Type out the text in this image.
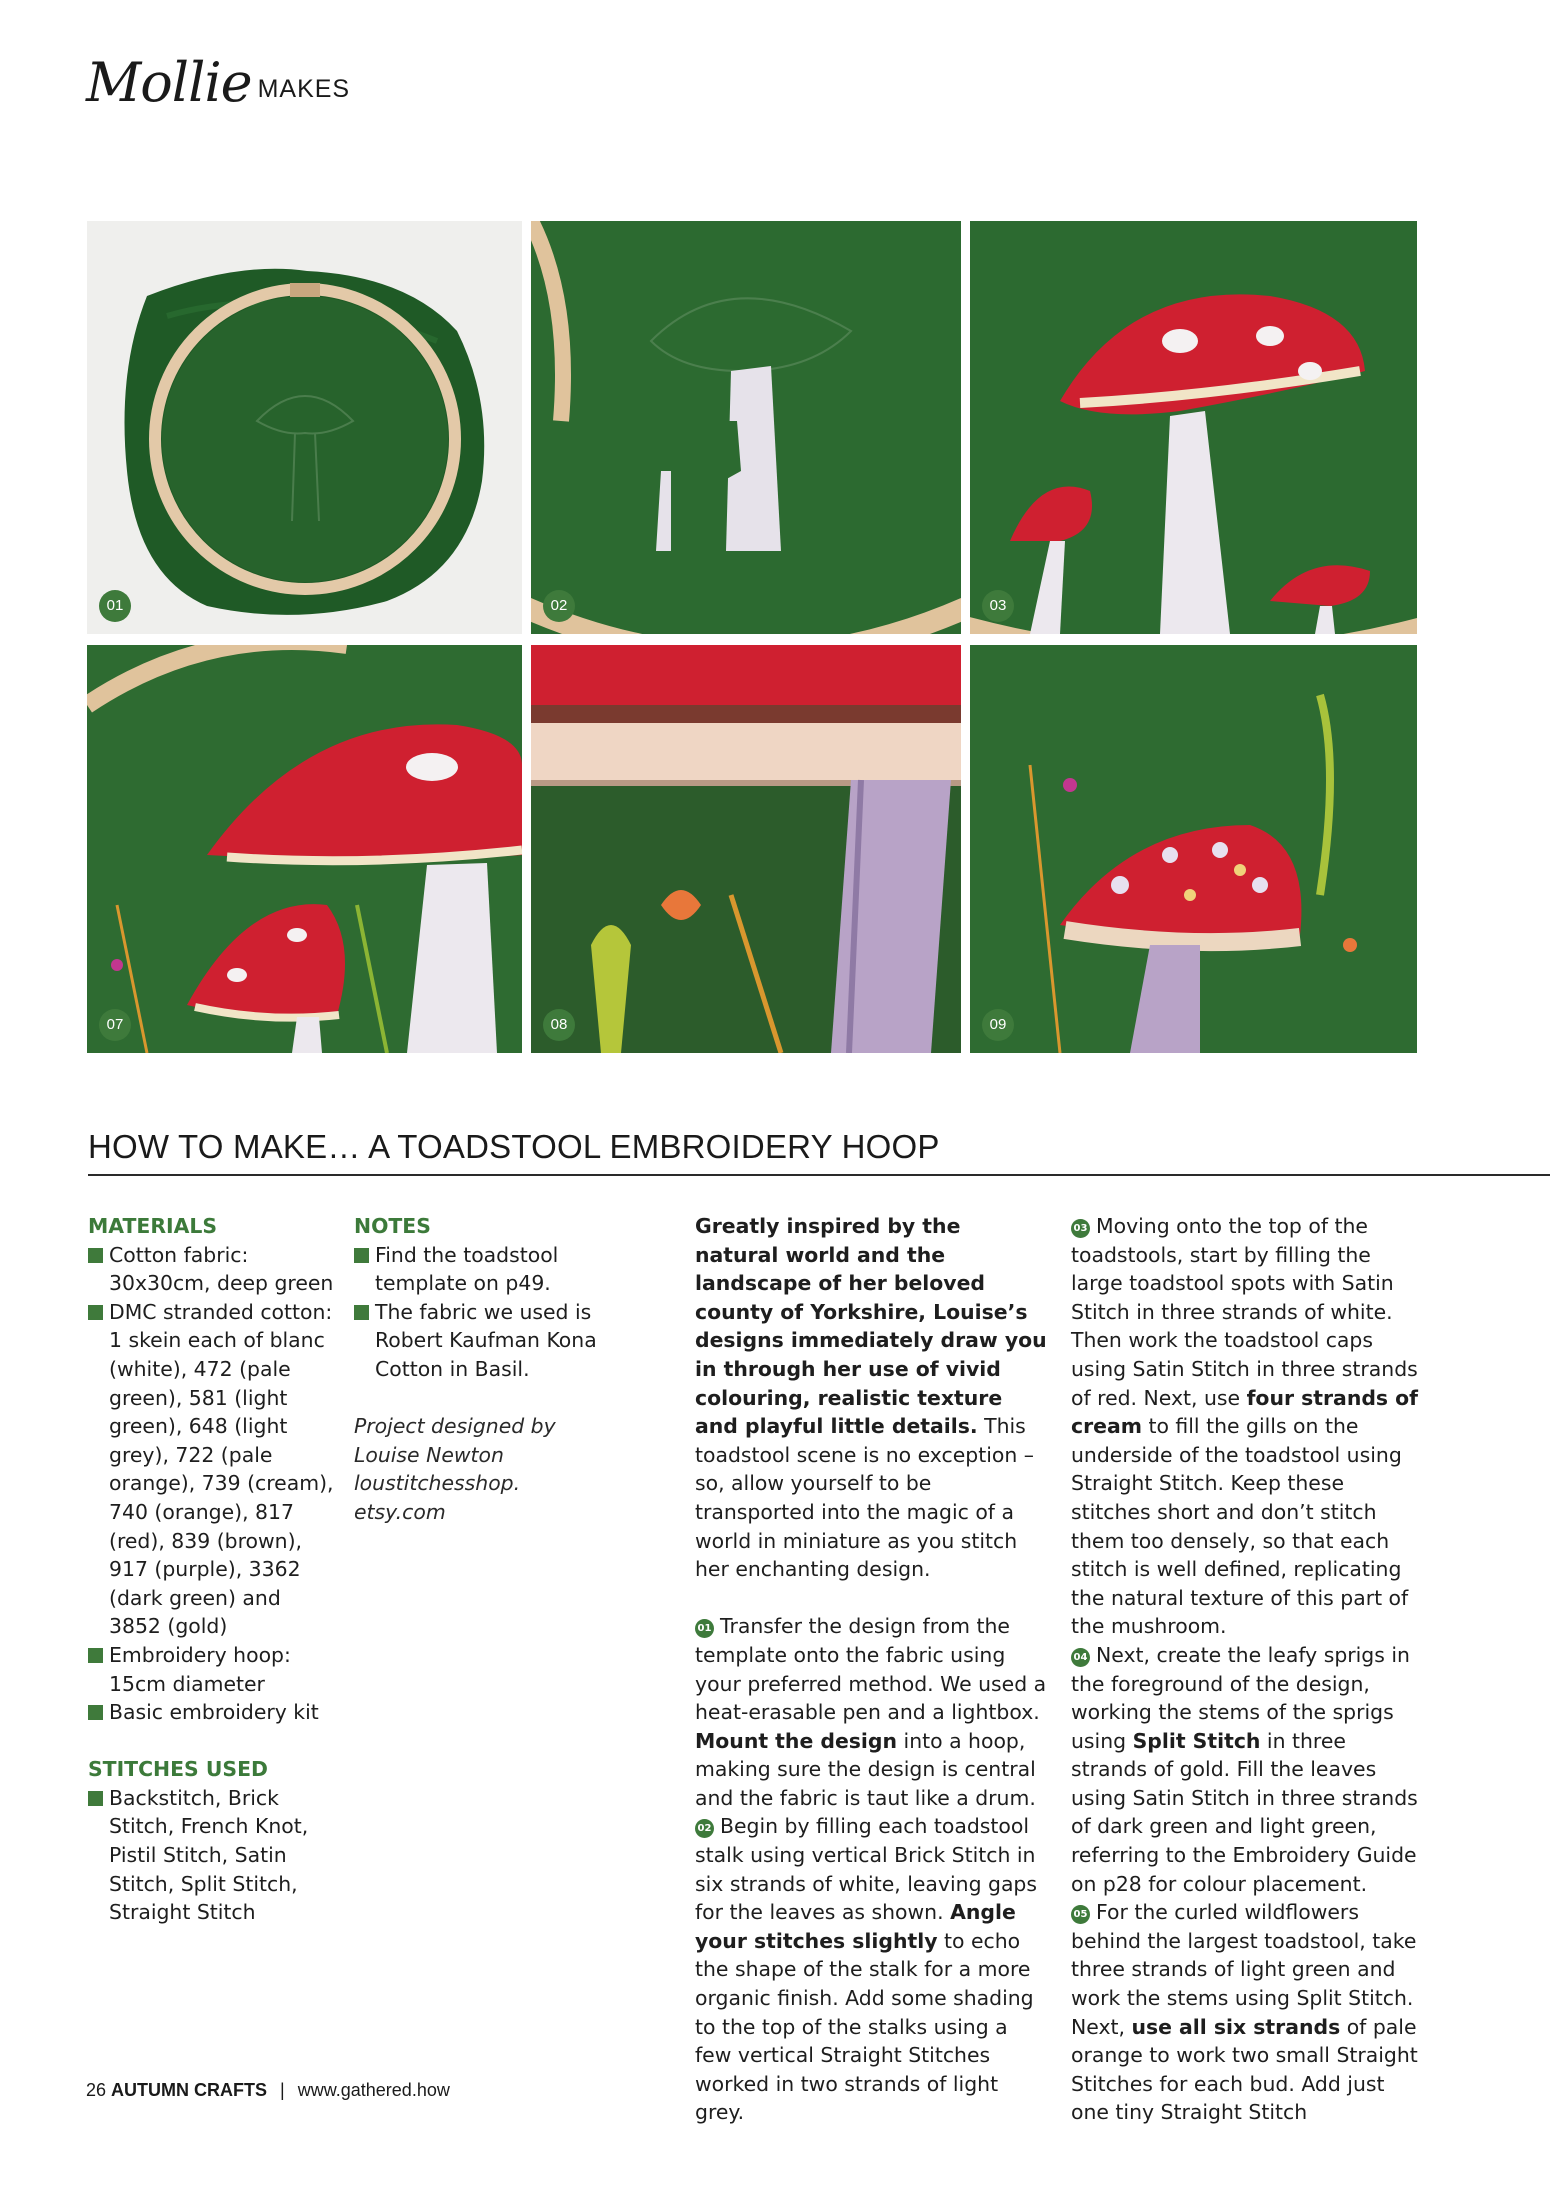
Mollie MAKES
01	02	03
07	08	09
HOW TO MAKE… A TOADSTOOL EMBROIDERY HOOP

MATERIALS

Cotton fabric: 30x30cm, deep green
DMC stranded cotton: 1 skein each of blanc (white), 472 (pale green), 581 (light green), 648 (light grey), 722 (pale orange), 739 (cream), 740 (orange), 817 (red), 839 (brown), 917 (purple), 3362 (dark green) and 3852 (gold)
Embroidery hoop: 15cm diameter
Basic embroidery kit

STITCHES USED

Backstitch, Brick Stitch, French Knot, Pistil Stitch, Satin Stitch, Split Stitch, Straight Stitch

NOTES

Find the toadstool template on p49.
The fabric we used is Robert Kaufman Kona Cotton in Basil.

Project designed by Louise Newton loustitchesshop. etsy.com

Greatly inspired by the natural world and the landscape of her beloved county of Yorkshire, Louise’s designs immediately draw you in through her use of vivid colouring, realistic texture and playful little details. This toadstool scene is no exception – so, allow yourself to be transported into the magic of a world in miniature as you stitch her enchanting design.

01 Transfer the design from the template onto the fabric using your preferred method. We used a heat-erasable pen and a lightbox. Mount the design into a hoop, making sure the design is central and the fabric is taut like a drum.

02 Begin by filling each toadstool stalk using vertical Brick Stitch in six strands of white, leaving gaps for the leaves as shown. Angle your stitches slightly to echo the shape of the stalk for a more organic finish. Add some shading to the top of the stalks using a few vertical Straight Stitches worked in two strands of light grey.

03 Moving onto the top of the toadstools, start by filling the large toadstool spots with Satin Stitch in three strands of white. Then work the toadstool caps using Satin Stitch in three strands of red. Next, use four strands of cream to fill the gills on the underside of the toadstool using Straight Stitch. Keep these stitches short and don’t stitch them too densely, so that each stitch is well defined, replicating the natural texture of this part of the mushroom.

04 Next, create the leafy sprigs in the foreground of the design, working the stems of the sprigs using Split Stitch in three strands of gold. Fill the leaves using Satin Stitch in three strands of dark green and light green, referring to the Embroidery Guide on p28 for colour placement.

05 For the curled wildflowers behind the largest toadstool, take three strands of light green and work the stems using Split Stitch. Next, use all six strands of pale orange to work two small Straight Stitches for each bud. Add just one tiny Straight Stitch

26 AUTUMN CRAFTS | www.gathered.how
